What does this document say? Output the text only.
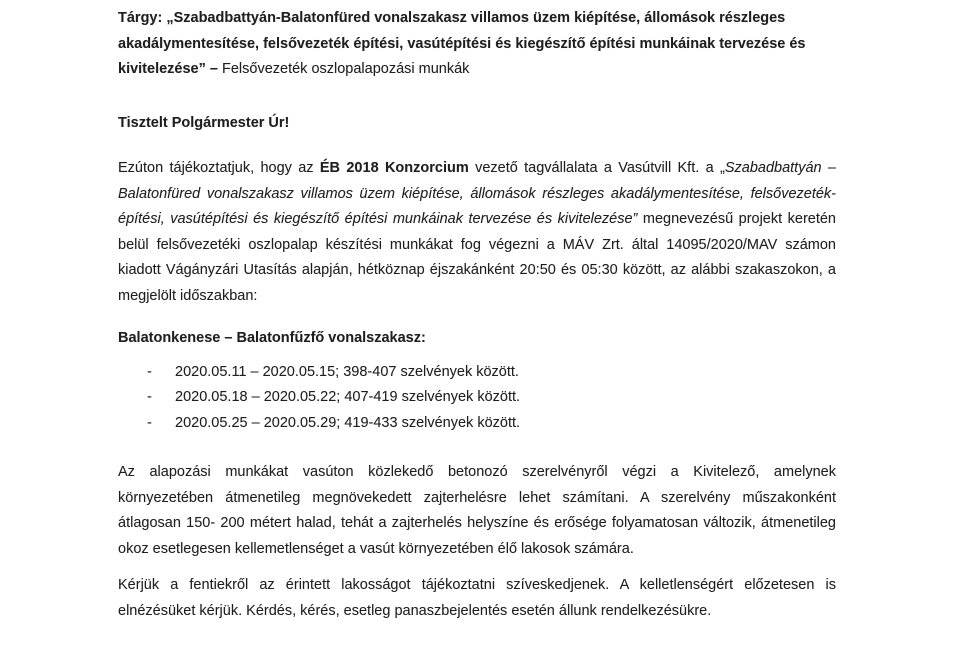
Tárgy: „Szabadbattyán-Balatonfüred vonalszakasz villamos üzem kiépítése, állomások részleges
akadálymentesítése, felsővezeték építési, vasútépítési és kiegészítő építési munkáinak tervezése és
kivitelezése” – Felsővezeték oszlopalapozási munkák
Tisztelt Polgármester Úr!
Ezúton tájékoztatjuk, hogy az ÉB 2018 Konzorcium vezető tagvállalata a Vasútvill Kft. a „Szabadbattyán –
Balatonfüred vonalszakasz villamos üzem kiépítése, állomások részleges akadálymentesítése, felsővezeték-
építési, vasútépítési és kiegészítő építési munkáinak tervezése és kivitelezése” megnevezésű projekt keretén
belül felsővezetéki oszlopalap készítési munkákat fog végezni a MÁV Zrt. által 14095/2020/MAV számon
kiadott Vágányzári Utasítás alapján, hétköznap éjszakánként 20:50 és 05:30 között, az alábbi szakaszokon, a
megjelölt időszakban:
Balatonkenese – Balatonfűzfő vonalszakasz:
- 2020.05.11 – 2020.05.15; 398-407 szelvények között.
- 2020.05.18 – 2020.05.22; 407-419 szelvények között.
- 2020.05.25 – 2020.05.29; 419-433 szelvények között.
Az alapozási munkákat vasúton közlekedő betonozó szerelvényről végzi a Kivitelező, amelynek
környezetében átmenetileg megnövekedett zajterhelésre lehet számítani. A szerelvény műszakonként
átlagosan 150- 200 métert halad, tehát a zajterhelés helyszíne és erősége folyamatosan változik, átmenetileg
okoz esetlegesen kellemetlenséget a vasút környezetében élő lakosok számára.
Kérjük a fentiekről az érintett lakosságot tájékoztatni szíveskedjenek. A kelletlenségért előzetesen is
elnézésüket kérjük. Kérdés, kérés, esetleg panaszbejelentés esetén állunk rendelkezésükre.
